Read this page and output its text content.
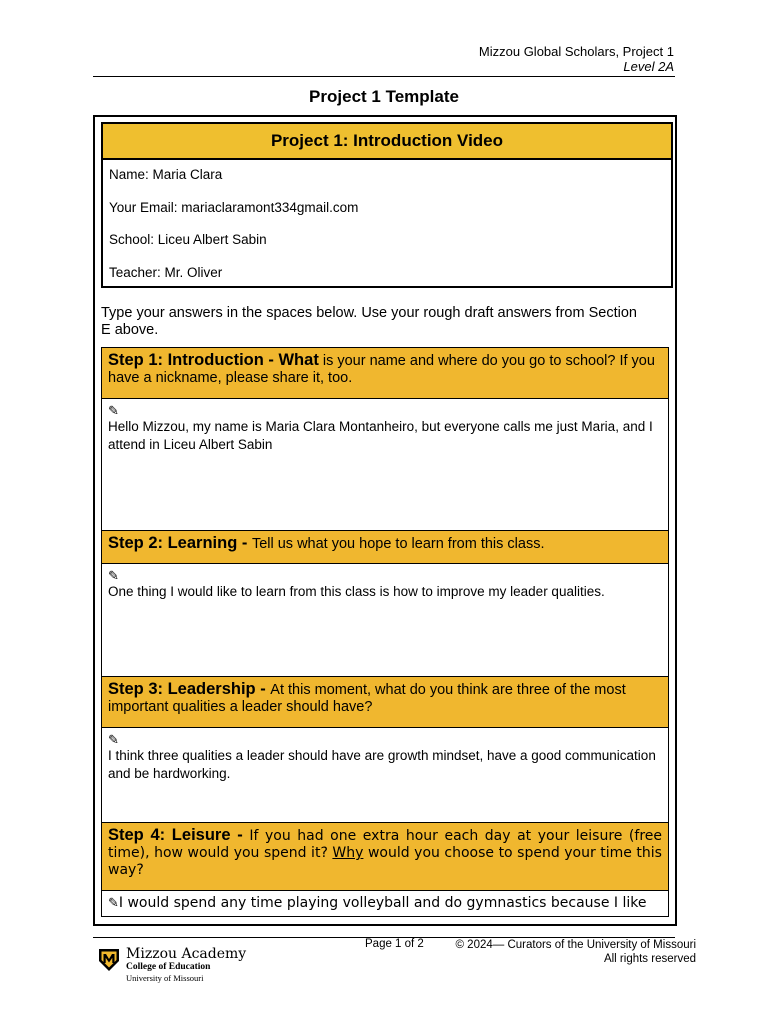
Mizzou Global Scholars, Project 1
Level 2A
Project 1 Template
Project 1: Introduction Video
Name: Maria Clara
Your Email: mariaclaramont334gmail.com
School: Liceu Albert Sabin
Teacher: Mr. Oliver
Type your answers in the spaces below. Use your rough draft answers from Section E above.
Step 1: Introduction - What is your name and where do you go to school? If you have a nickname, please share it, too.
✎
Hello Mizzou, my name is Maria Clara Montanheiro, but everyone calls me just Maria, and I attend in Liceu Albert Sabin
Step 2: Learning - Tell us what you hope to learn from this class.
✎
One thing I would like to learn from this class is how to improve my leader qualities.
Step 3: Leadership - At this moment, what do you think are three of the most important qualities a leader should have?
✎
I think three qualities a leader should have are growth mindset, have a good communication and be hardworking.
Step 4: Leisure - If you had one extra hour each day at your leisure (free time), how would you spend it? Why would you choose to spend your time this way?
✎I would spend any time playing volleyball and do gymnastics because I like
Page 1 of 2	© 2024— Curators of the University of Missouri
All rights reserved
Mizzou Academy
College of Education
University of Missouri
